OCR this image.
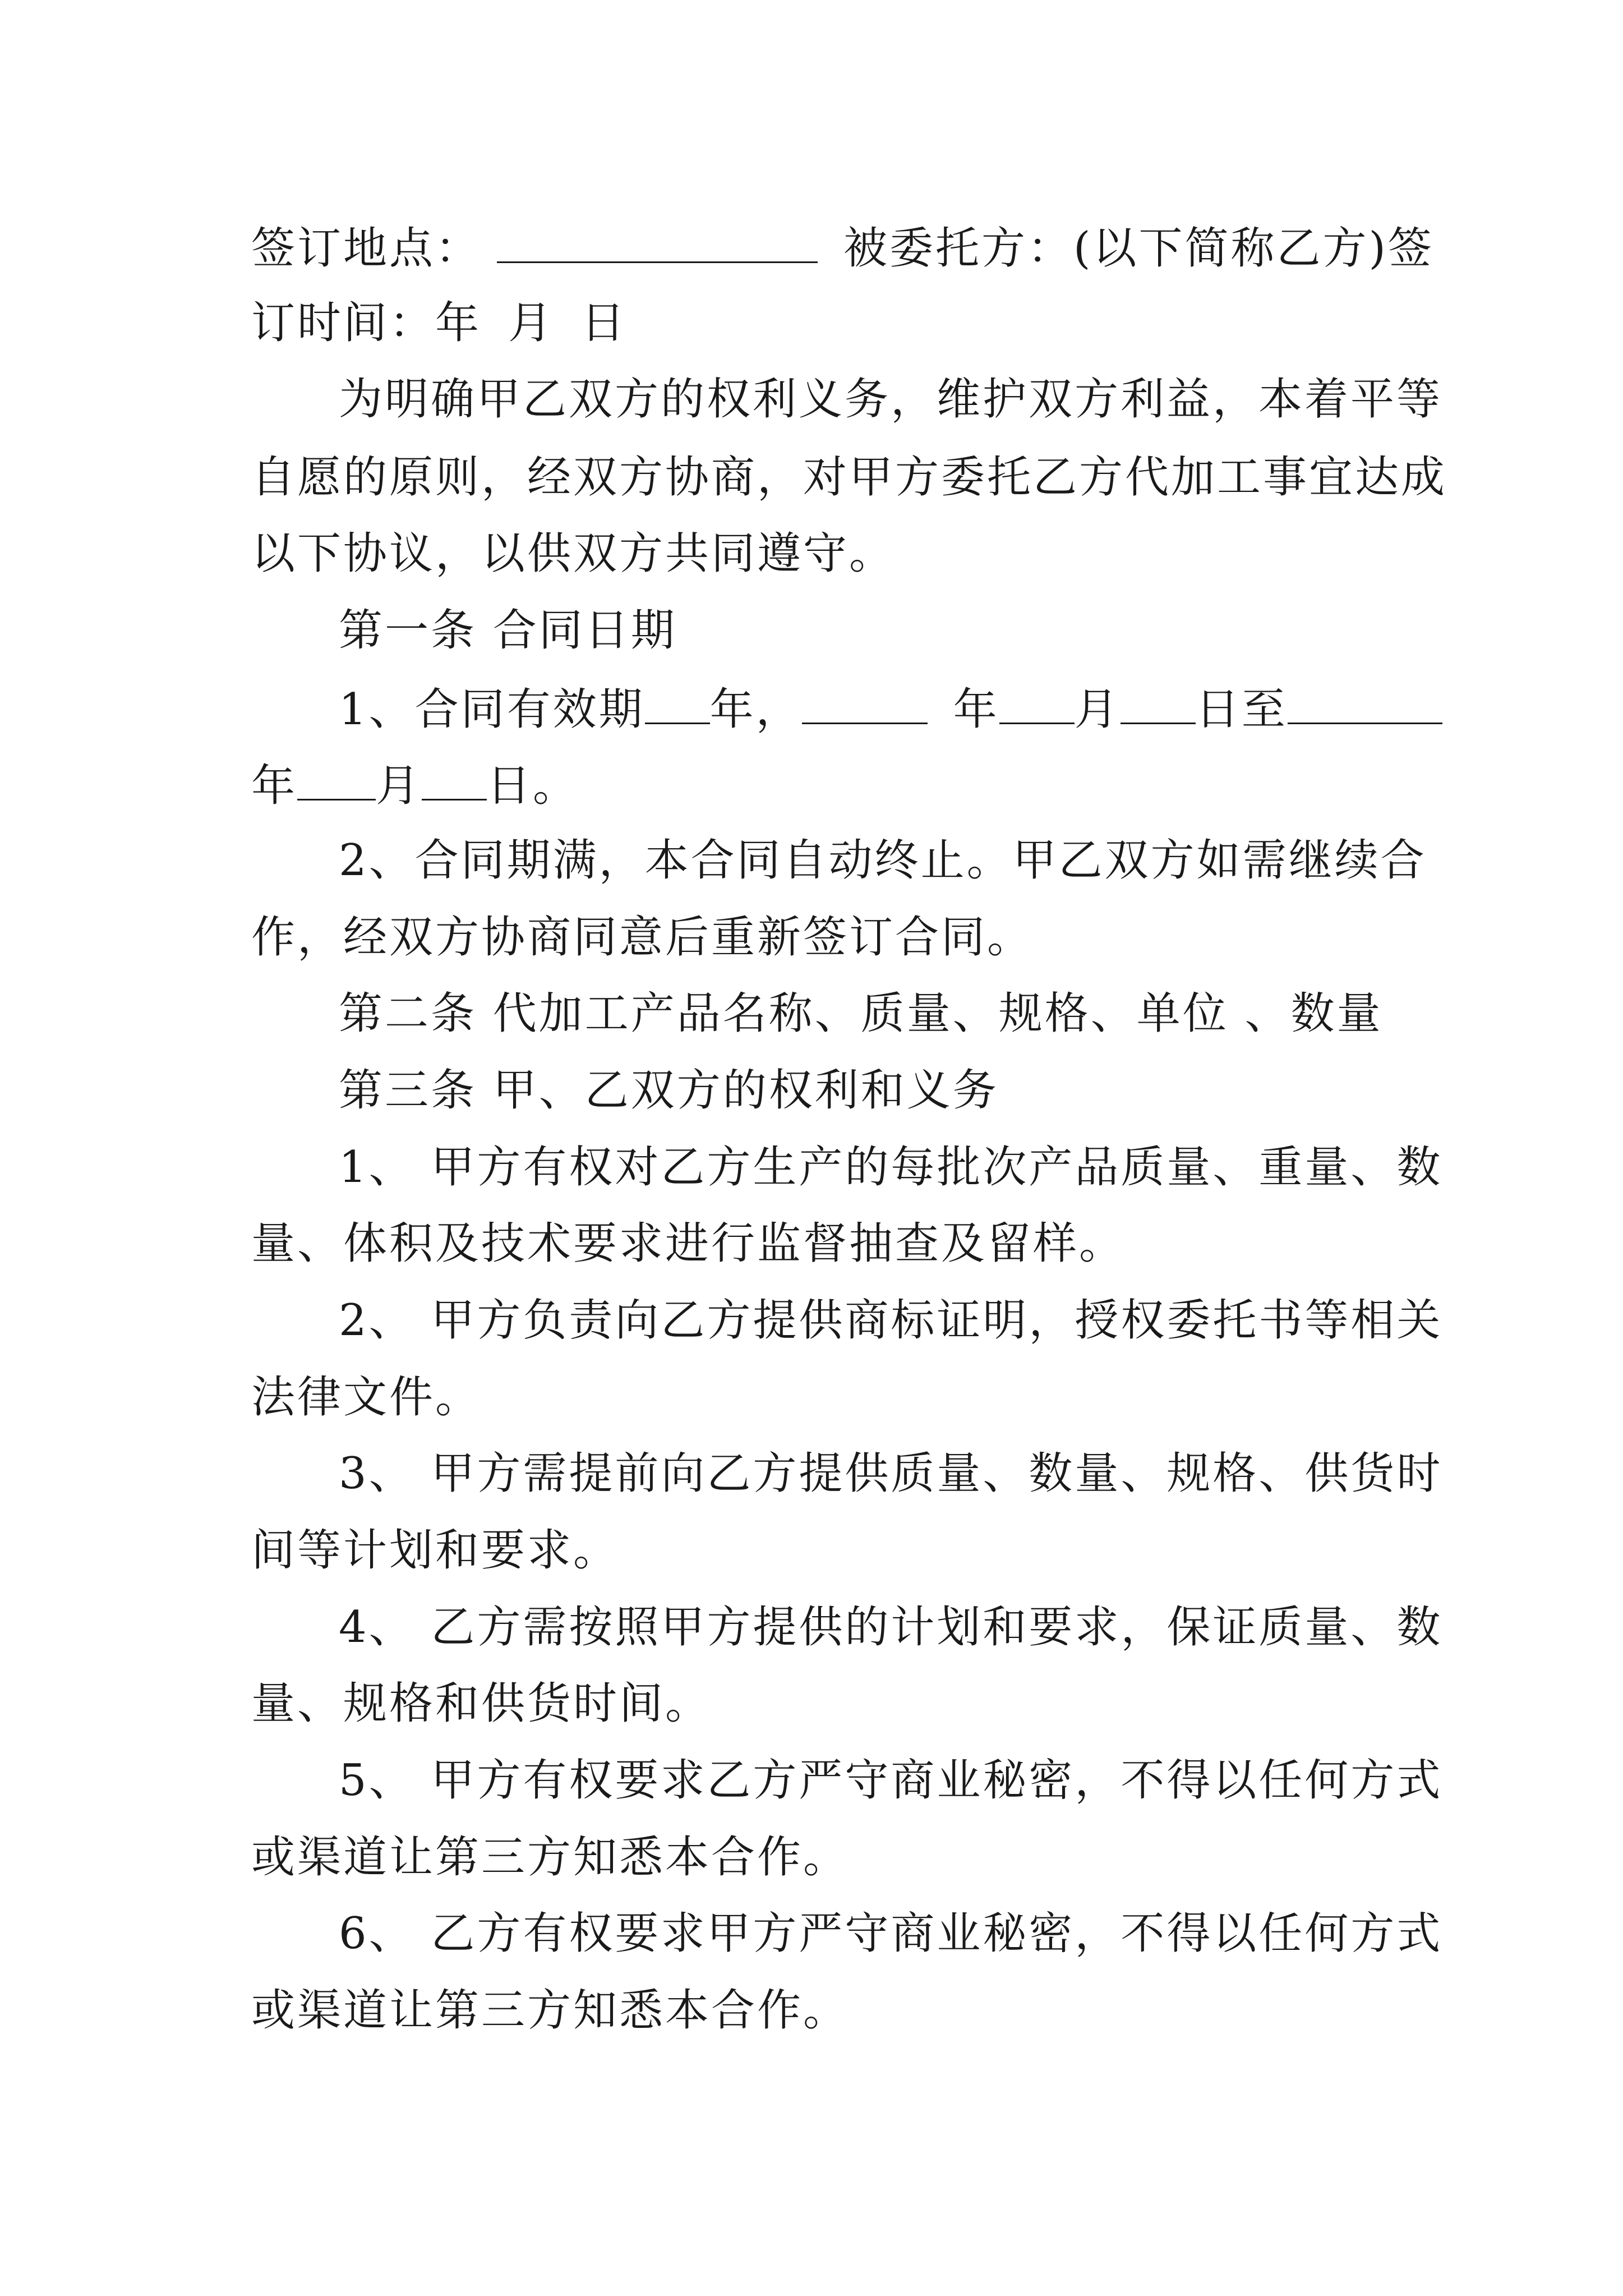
签订地点：	被委托方：(以下简称乙方)签
订时间：年 月 日
为明确甲乙双方的权利义务，维护双方利益，本着平等
自愿的原则，经双方协商，对甲方委托乙方代加工事宜达成
以下协议，以供双方共同遵守。
第一条 合同日期
1、合同有效期 年，	年 月 日至
年 月 日。
2、合同期满，本合同自动终止。甲乙双方如需继续合
作，经双方协商同意后重新签订合同。
第二条 代加工产品名称、质量、规格、单位 、数量
第三条 甲、乙双方的权利和义务
1、 甲方有权对乙方生产的每批次产品质量、重量、数
量、体积及技术要求进行监督抽查及留样。
2、 甲方负责向乙方提供商标证明，授权委托书等相关
法律文件。
3、 甲方需提前向乙方提供质量、数量、规格、供货时
间等计划和要求。
4、 乙方需按照甲方提供的计划和要求，保证质量、数
量、规格和供货时间。
5、 甲方有权要求乙方严守商业秘密，不得以任何方式
或渠道让第三方知悉本合作。
6、 乙方有权要求甲方严守商业秘密，不得以任何方式
或渠道让第三方知悉本合作。
